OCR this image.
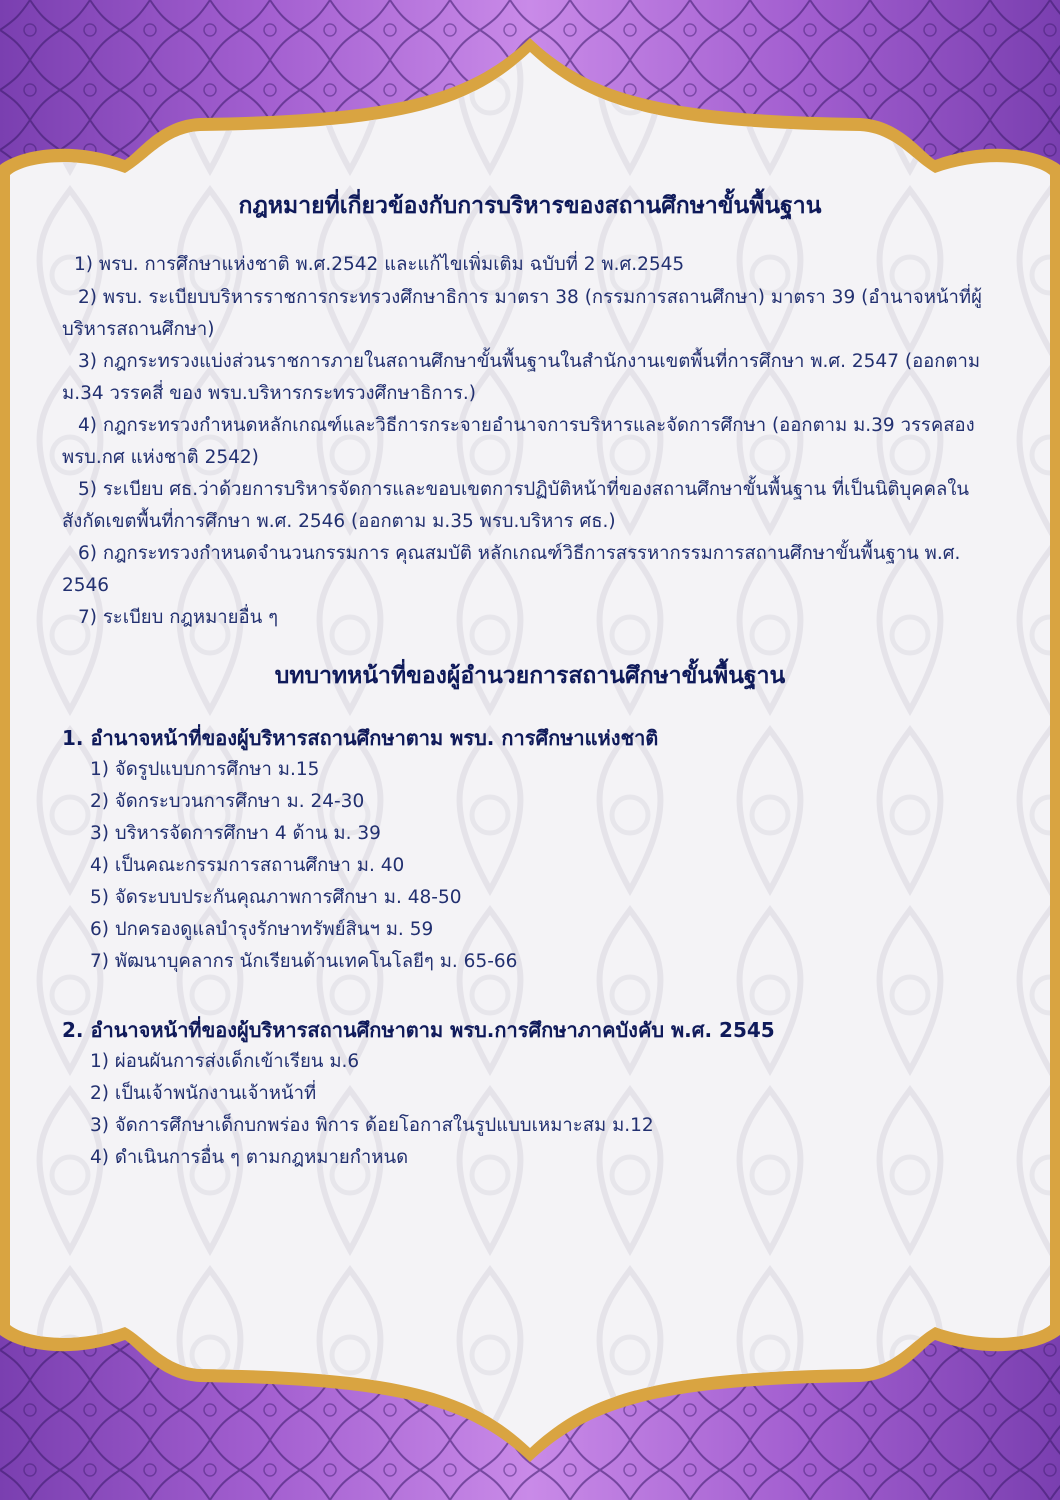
กฎหมายที่เกี่ยวข้องกับการบริหารของสถานศึกษาขั้นพื้นฐาน
1) พรบ. การศึกษาแห่งชาติ พ.ศ.2542 และแก้ไขเพิ่มเติม ฉบับที่ 2 พ.ศ.2545

2) พรบ. ระเบียบบริหารราชการกระทรวงศึกษาธิการ มาตรา 38 (กรรมการสถานศึกษา) มาตรา 39 (อำนาจหน้าที่ผู้บริหารสถานศึกษา)

3) กฎกระทรวงแบ่งส่วนราชการภายในสถานศึกษาขั้นพื้นฐานในสำนักงานเขตพื้นที่การศึกษา พ.ศ. 2547 (ออกตาม ม.34 วรรคสี่ ของ พรบ.บริหารกระทรวงศึกษาธิการ.)

4) กฎกระทรวงกำหนดหลักเกณฑ์และวิธีการกระจายอำนาจการบริหารและจัดการศึกษา (ออกตาม ม.39 วรรคสอง พรบ.กศ แห่งชาติ 2542)

5) ระเบียบ ศธ.ว่าด้วยการบริหารจัดการและขอบเขตการปฏิบัติหน้าที่ของสถานศึกษาขั้นพื้นฐาน ที่เป็นนิติบุคคลในสังกัดเขตพื้นที่การศึกษา พ.ศ. 2546 (ออกตาม ม.35 พรบ.บริหาร ศธ.)

6) กฎกระทรวงกำหนดจำนวนกรรมการ คุณสมบัติ หลักเกณฑ์วิธีการสรรหากรรมการสถานศึกษาขั้นพื้นฐาน พ.ศ. 2546

7) ระเบียบ กฎหมายอื่น ๆ
บทบาทหน้าที่ของผู้อำนวยการสถานศึกษาขั้นพื้นฐาน
1. อำนาจหน้าที่ของผู้บริหารสถานศึกษาตาม พรบ. การศึกษาแห่งชาติ
1) จัดรูปแบบการศึกษา ม.15
2) จัดกระบวนการศึกษา ม. 24-30
3) บริหารจัดการศึกษา 4 ด้าน ม. 39
4) เป็นคณะกรรมการสถานศึกษา ม. 40
5) จัดระบบประกันคุณภาพการศึกษา ม. 48-50
6) ปกครองดูแลบำรุงรักษาทรัพย์สินฯ ม. 59
7) พัฒนาบุคลากร นักเรียนด้านเทคโนโลยีๆ ม. 65-66
2. อำนาจหน้าที่ของผู้บริหารสถานศึกษาตาม พรบ.การศึกษาภาคบังคับ พ.ศ. 2545
1) ผ่อนผันการส่งเด็กเข้าเรียน ม.6
2) เป็นเจ้าพนักงานเจ้าหน้าที่
3) จัดการศึกษาเด็กบกพร่อง พิการ ด้อยโอกาสในรูปแบบเหมาะสม ม.12
4) ดำเนินการอื่น ๆ ตามกฎหมายกำหนด
